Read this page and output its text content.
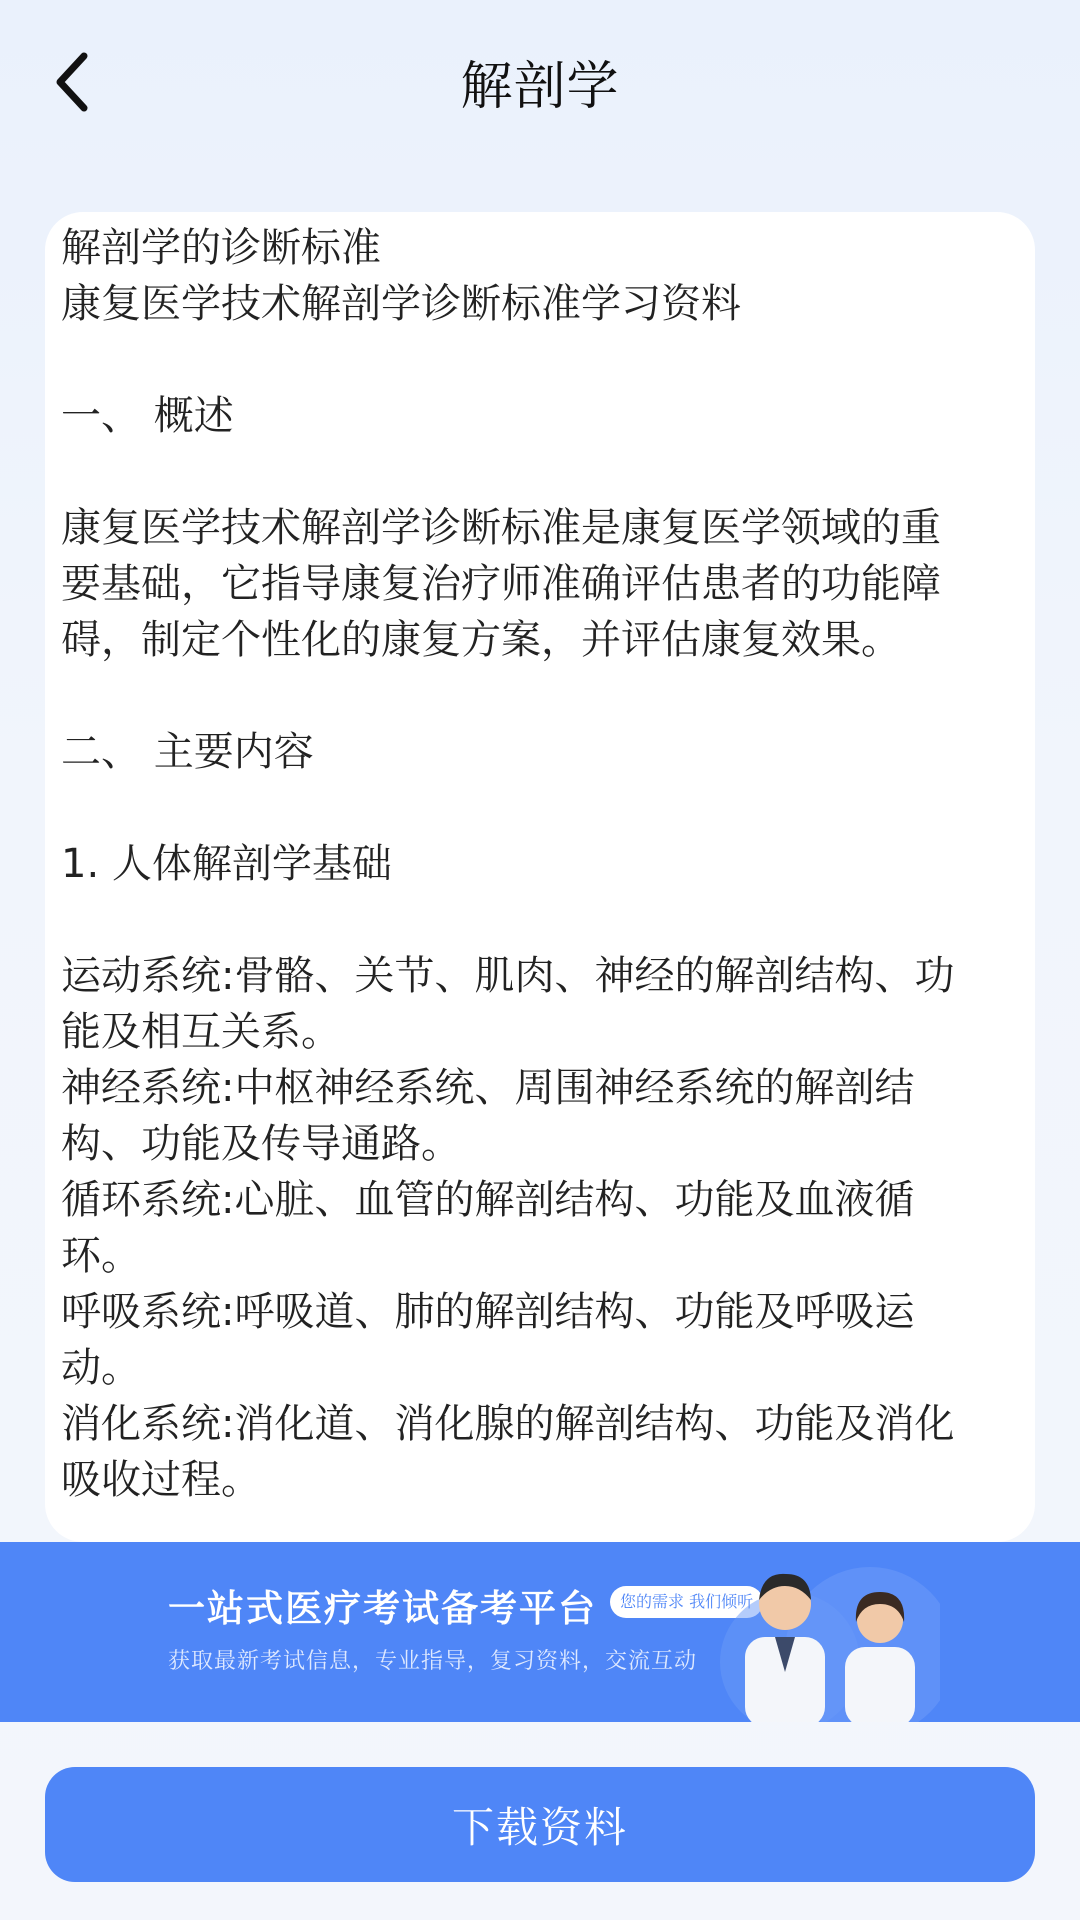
解剖学
解剖学的诊断标准
康复医学技术解剖学诊断标准学习资料
一、 概述
康复医学技术解剖学诊断标准是康复医学领域的重
要基础，它指导康复治疗师准确评估患者的功能障
碍，制定个性化的康复方案，并评估康复效果。
二、 主要内容
1. 人体解剖学基础
运动系统:骨骼、关节、肌肉、神经的解剖结构、功
能及相互关系。
神经系统:中枢神经系统、周围神经系统的解剖结
构、功能及传导通路。
循环系统:心脏、血管的解剖结构、功能及血液循
环。
呼吸系统:呼吸道、肺的解剖结构、功能及呼吸运
动。
消化系统:消化道、消化腺的解剖结构、功能及消化
吸收过程。
一站式医疗考试备考平台	您的需求 我们倾听
获取最新考试信息，专业指导，复习资料，交流互动
下载资料
